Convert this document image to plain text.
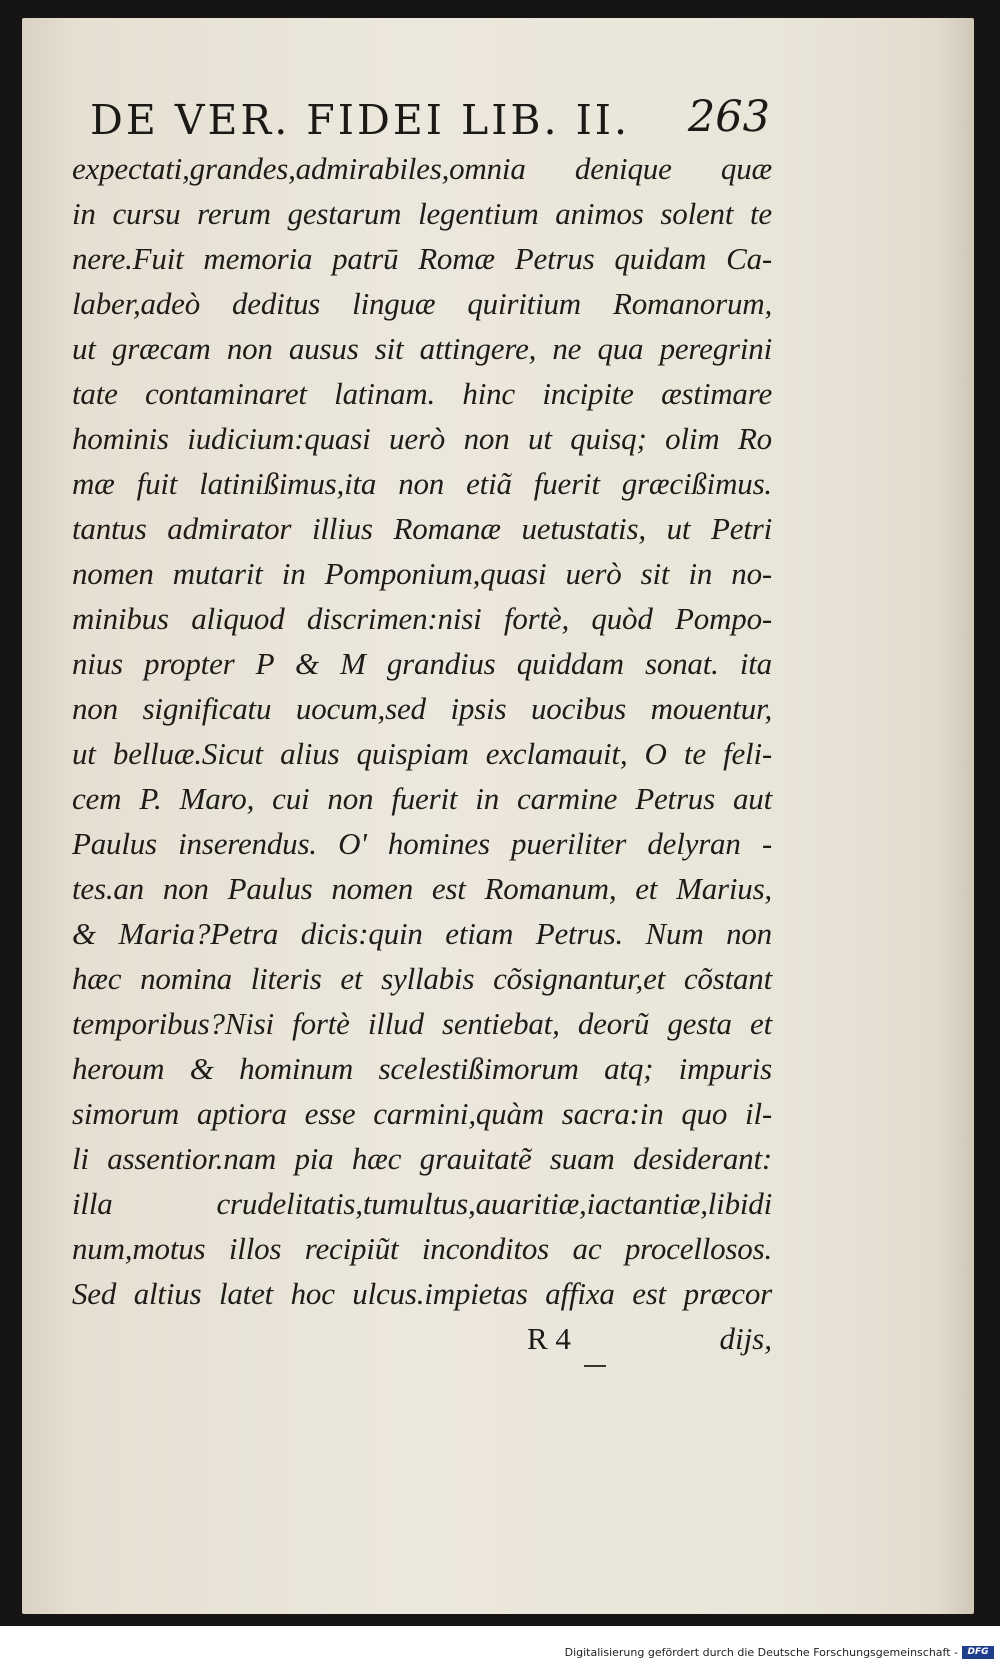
DE VER. FIDEI LIB. II. 263
expectati,grandes,admirabiles,omnia denique quæ
in cursu rerum gestarum legentium animos solent te
nere.Fuit memoria patrū Romæ Petrus quidam Ca-
laber,adeò deditus linguæ quiritium Romanorum,
ut græcam non ausus sit attingere, ne qua peregrini
tate contaminaret latinam. hinc incipite æstimare
hominis iudicium:quasi uerò non ut quisq; olim Ro
mæ fuit latinißimus,ita non etiã fuerit græcißimus.
tantus admirator illius Romanæ uetustatis, ut Petri
nomen mutarit in Pomponium,quasi uerò sit in no-
minibus aliquod discrimen:nisi fortè, quòd Pompo-
nius propter P & M grandius quiddam sonat. ita
non significatu uocum,sed ipsis uocibus mouentur,
ut belluæ.Sicut alius quispiam exclamauit, O te feli-
cem P. Maro, cui non fuerit in carmine Petrus aut
Paulus inserendus. O' homines pueriliter delyran -
tes.an non Paulus nomen est Romanum, et Marius,
& Maria?Petra dicis:quin etiam Petrus. Num non
hæc nomina literis et syllabis cõsignantur,et cõstant
temporibus?Nisi fortè illud sentiebat, deorũ gesta et
heroum & hominum scelestißimorum atq; impuris
simorum aptiora esse carmini,quàm sacra:in quo il-
li assentior.nam pia hæc grauitatẽ suam desiderant:
illa crudelitatis,tumultus,auaritiæ,iactantiæ,libidi
num,motus illos recipiũt inconditos ac procellosos.
Sed altius latet hoc ulcus.impietas affixa est præcor
R 4	dijs,
Digitalisierung gefördert durch die Deutsche Forschungsgemeinschaft -	DFG
